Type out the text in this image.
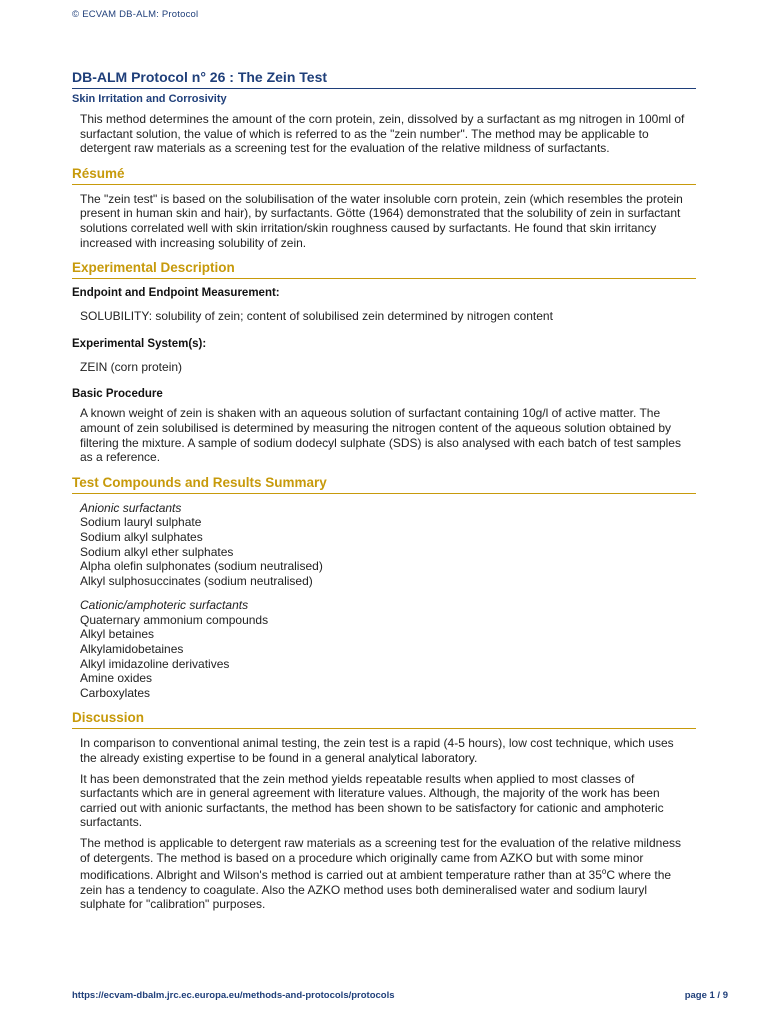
© ECVAM DB-ALM: Protocol
DB-ALM Protocol n° 26 : The Zein Test
Skin Irritation and Corrosivity

This method determines the amount of the corn protein, zein, dissolved by a surfactant as mg nitrogen in 100ml of surfactant solution, the value of which is referred to as the "zein number". The method may be applicable to detergent raw materials as a screening test for the evaluation of the relative mildness of surfactants.

Résumé

The "zein test" is based on the solubilisation of the water insoluble corn protein, zein (which resembles the protein present in human skin and hair), by surfactants. Götte (1964) demonstrated that the solubility of zein in surfactant solutions correlated well with skin irritation/skin roughness caused by surfactants. He found that skin irritancy increased with increasing solubility of zein.

Experimental Description
Endpoint and Endpoint Measurement:

SOLUBILITY: solubility of zein; content of solubilised zein determined by nitrogen content

Experimental System(s):

ZEIN (corn protein)

Basic Procedure

A known weight of zein is shaken with an aqueous solution of surfactant containing 10g/l of active matter. The amount of zein solubilised is determined by measuring the nitrogen content of the aqueous solution obtained by filtering the mixture. A sample of sodium dodecyl sulphate (SDS) is also analysed with each batch of test samples as a reference.

Test Compounds and Results Summary
Anionic surfactants
Sodium lauryl sulphate
Sodium alkyl sulphates
Sodium alkyl ether sulphates
Alpha olefin sulphonates (sodium neutralised)
Alkyl sulphosuccinates (sodium neutralised)
Cationic/amphoteric surfactants
Quaternary ammonium compounds
Alkyl betaines
Alkylamidobetaines
Alkyl imidazoline derivatives
Amine oxides
Carboxylates
Discussion

In comparison to conventional animal testing, the zein test is a rapid (4-5 hours), low cost technique, which uses the already existing expertise to be found in a general analytical laboratory.

It has been demonstrated that the zein method yields repeatable results when applied to most classes of surfactants which are in general agreement with literature values. Although, the majority of the work has been carried out with anionic surfactants, the method has been shown to be satisfactory for cationic and amphoteric surfactants.

The method is applicable to detergent raw materials as a screening test for the evaluation of the relative mildness of detergents. The method is based on a procedure which originally came from AZKO but with some minor modifications. Albright and Wilson's method is carried out at ambient temperature rather than at 35$^o$C where the zein has a tendency to coagulate. Also the AZKO method uses both demineralised water and sodium lauryl sulphate for "calibration" purposes.

https://ecvam-dbalm.jrc.ec.europa.eu/methods-and-protocols/protocols	page 1 / 9
